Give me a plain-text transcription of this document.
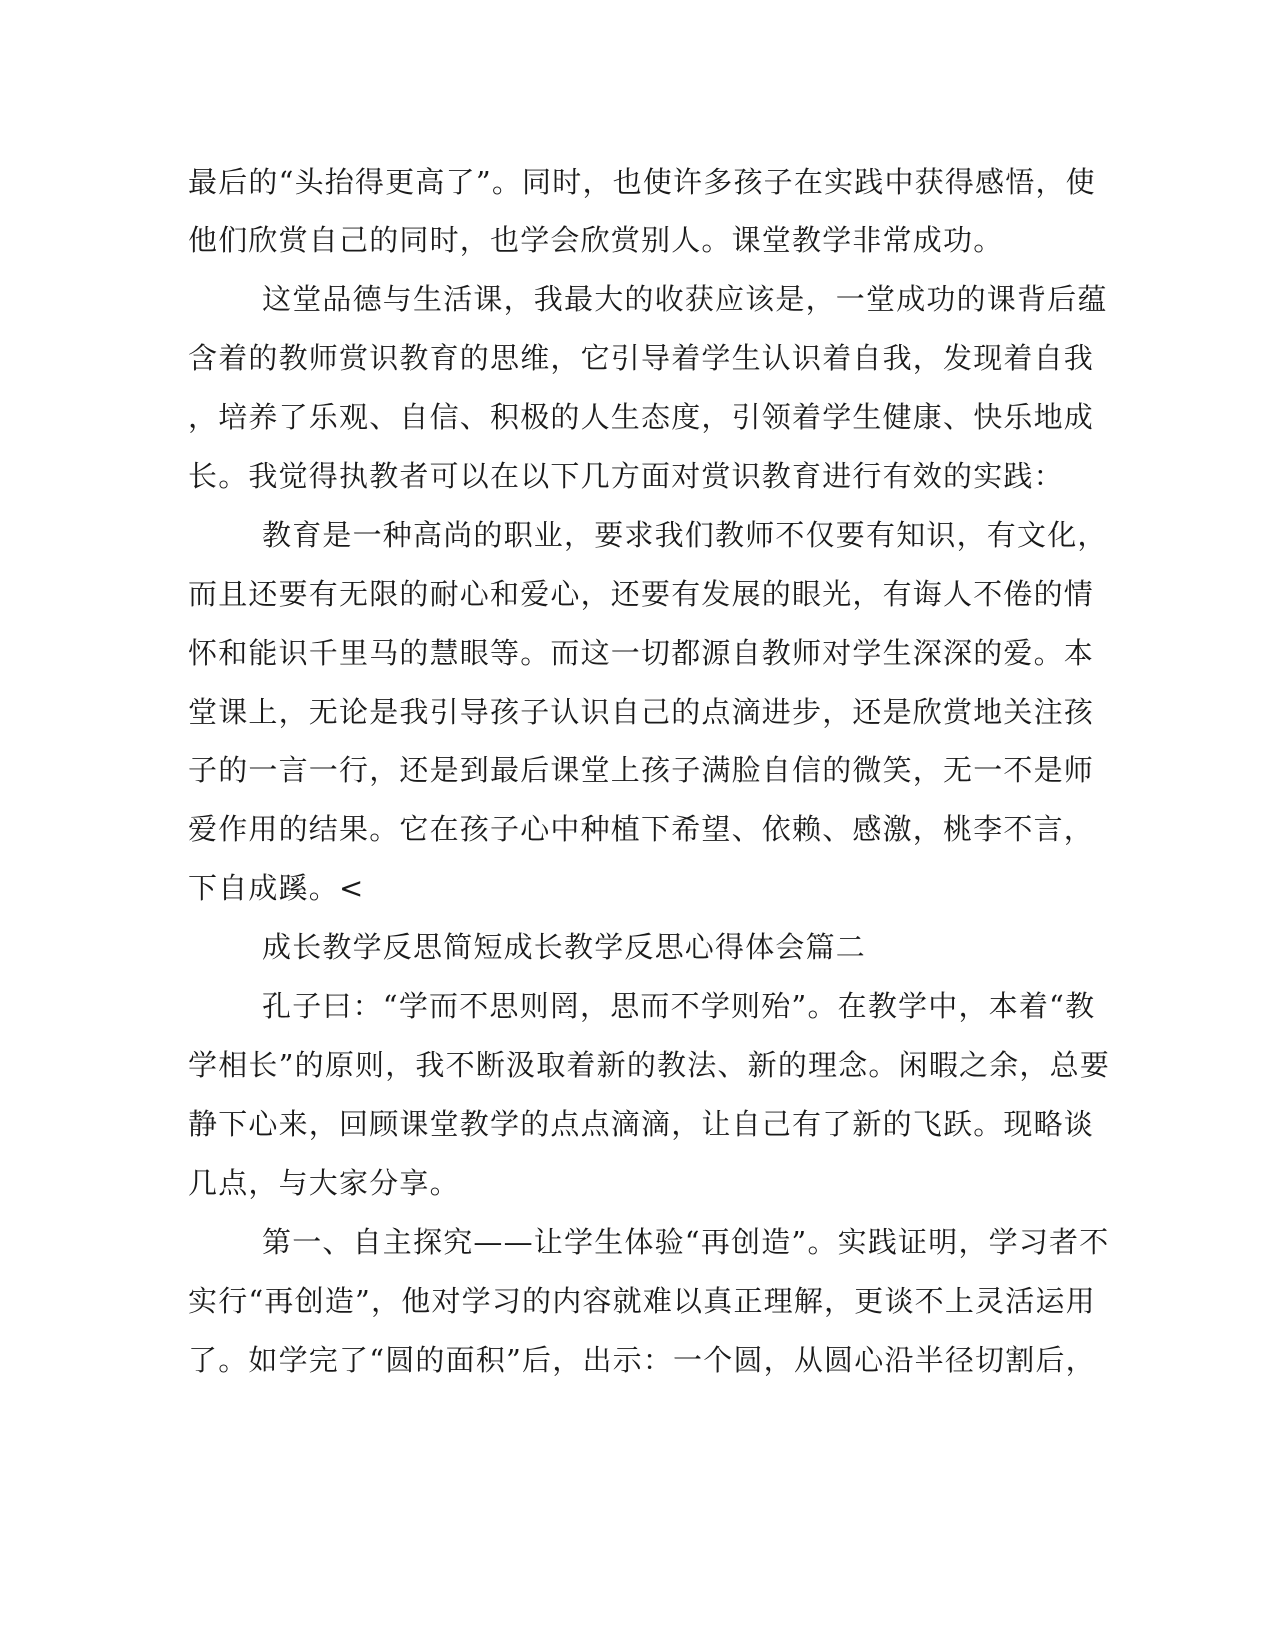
最后的“头抬得更高了”。同时，也使许多孩子在实践中获得感悟，使
他们欣赏自己的同时，也学会欣赏别人。课堂教学非常成功。
这堂品德与生活课，我最大的收获应该是，一堂成功的课背后蕴
含着的教师赏识教育的思维，它引导着学生认识着自我，发现着自我
，培养了乐观、自信、积极的人生态度，引领着学生健康、快乐地成
长。我觉得执教者可以在以下几方面对赏识教育进行有效的实践：
教育是一种高尚的职业，要求我们教师不仅要有知识，有文化，
而且还要有无限的耐心和爱心，还要有发展的眼光，有诲人不倦的情
怀和能识千里马的慧眼等。而这一切都源自教师对学生深深的爱。本
堂课上，无论是我引导孩子认识自己的点滴进步，还是欣赏地关注孩
子的一言一行，还是到最后课堂上孩子满脸自信的微笑，无一不是师
爱作用的结果。它在孩子心中种植下希望、依赖、感激，桃李不言，
下自成蹊。<
成长教学反思简短成长教学反思心得体会篇二
孔子曰：“学而不思则罔，思而不学则殆”。在教学中，本着“教
学相长”的原则，我不断汲取着新的教法、新的理念。闲暇之余，总要
静下心来，回顾课堂教学的点点滴滴，让自己有了新的飞跃。现略谈
几点，与大家分享。
第一、自主探究——让学生体验“再创造”。实践证明，学习者不
实行“再创造”，他对学习的内容就难以真正理解，更谈不上灵活运用
了。如学完了“圆的面积”后，出示：一个圆，从圆心沿半径切割后，
